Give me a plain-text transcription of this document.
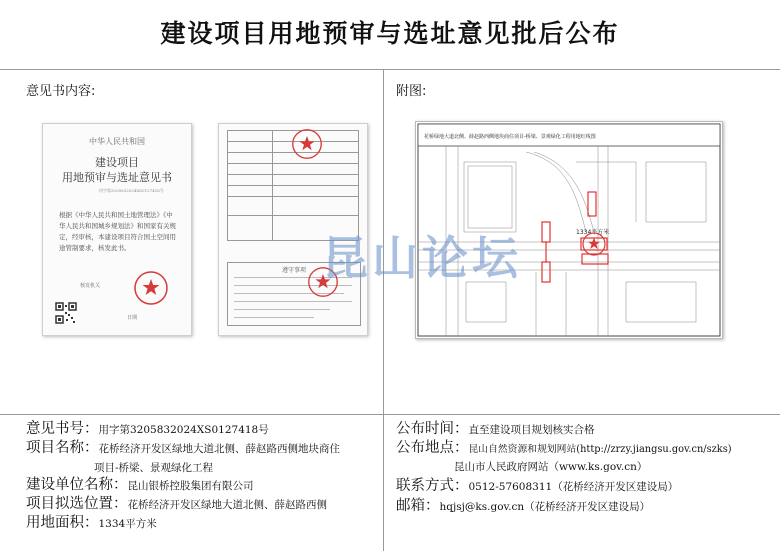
建设项目用地预审与选址意见批后公布
意见书内容:	附图:
中华人民共和国
建设项目
用地预审与选址意见书
用字第3205832024XS0127418号
根据《中华人民共和国土地管理法》《中华人民共和国城乡规划法》和国家有关规定，经审核，本建设项目符合国土空间用途管制要求，核发此书。
核发机关
日期

遵守事项
花桥绿地大道北侧、薛赵路西侧地块商住项目-桥梁、景观绿化工程用地红线图
1334平方米
昆山论坛
意见书号：用字第3205832024XS0127418号
项目名称：花桥经济开发区绿地大道北侧、薛赵路西侧地块商住
项目-桥梁、景观绿化工程
建设单位名称：昆山银桥控股集团有限公司
项目拟选位置：花桥经济开发区绿地大道北侧、薛赵路西侧
用地面积：1334平方米
公布时间：直至建设项目规划核实合格
公布地点：昆山自然资源和规划网站(http://zrzy.jiangsu.gov.cn/szks)
昆山市人民政府网站（www.ks.gov.cn）
联系方式：0512-57608311（花桥经济开发区建设局）
邮箱：hqjsj@ks.gov.cn（花桥经济开发区建设局）
